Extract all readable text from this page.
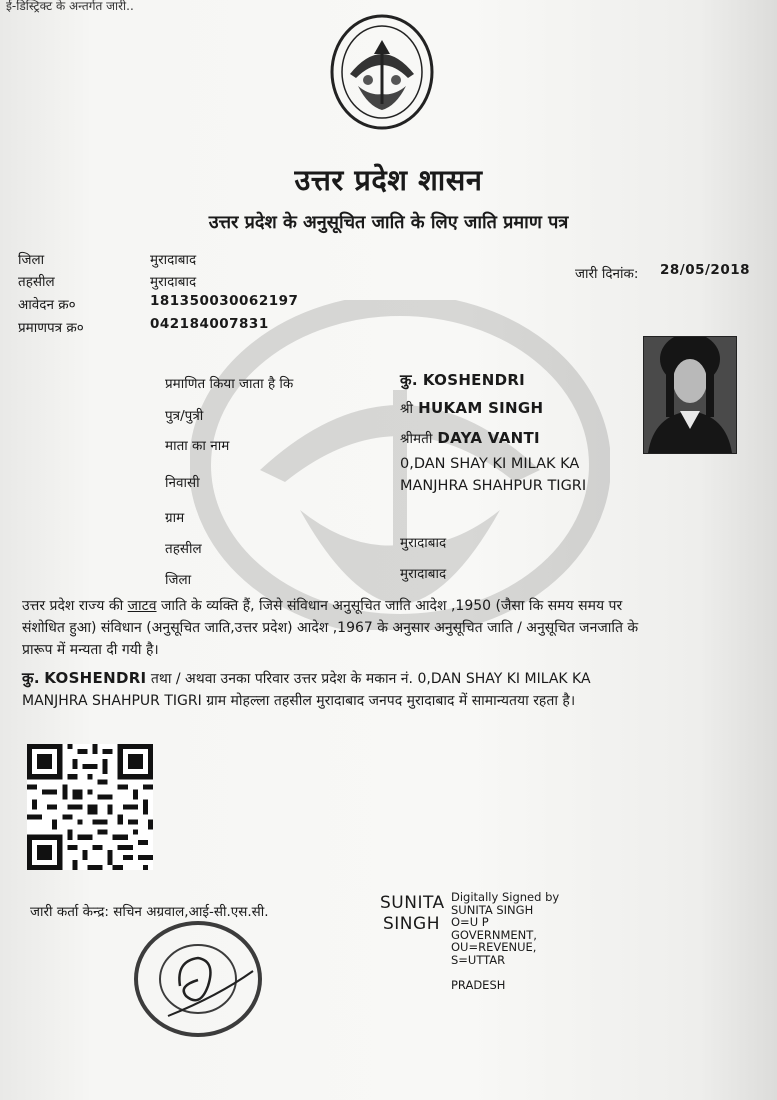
ई-डिस्ट्रिक्ट के अन्तर्गत जारी..
उत्तर प्रदेश शासन
उत्तर प्रदेश के अनुसूचित जाति के लिए जाति प्रमाण पत्र
जिला	मुरादाबाद
तहसील	मुरादाबाद
आवेदन क्र०	181350030062197
प्रमाणपत्र क्र०	042184007831
जारी दिनांक: 28/05/2018
प्रमाणित किया जाता है कि	कु. KOSHENDRI
पुत्र/पुत्री	श्री HUKAM SINGH
माता का नाम	श्रीमती DAYA VANTI
निवासी
0,DAN SHAY KI MILAK KA
MANJHRA SHAHPUR TIGRI
ग्राम
तहसील	मुरादाबाद
जिला	मुरादाबाद
उत्तर प्रदेश राज्य की जाटव जाति के व्यक्ति हैं, जिसे संविधान अनुसूचित जाति आदेश ,1950 (जैसा कि समय समय पर
संशोधित हुआ) संविधान (अनुसूचित जाति,उत्तर प्रदेश) आदेश ,1967 के अनुसार अनुसूचित जाति / अनुसूचित जनजाति के
प्रारूप में मन्यता दी गयी है।
कु. KOSHENDRI तथा / अथवा उनका परिवार उत्तर प्रदेश के मकान नं. 0,DAN SHAY KI MILAK KA
MANJHRA SHAHPUR TIGRI ग्राम मोहल्ला तहसील मुरादाबाद जनपद मुरादाबाद में सामान्यतया रहता है।
जारी कर्ता केन्द्र: सचिन अग्रवाल,आई-सी.एस.सी.	SUNITA
SINGH
Digitally Signed by
SUNITA SINGH
O=U P
GOVERNMENT,
OU=REVENUE,
S=UTTAR
PRADESH
